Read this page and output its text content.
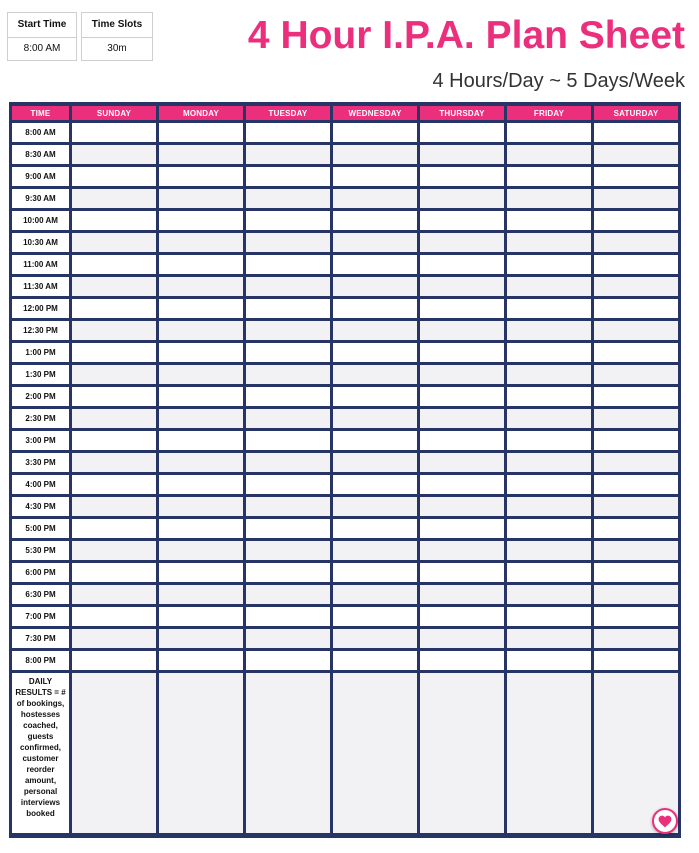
Start Time
8:00 AM
Time Slots
30m	4 Hour I.P.A. Plan Sheet

4 Hours/Day ~ 5 Days/Week

TIME	SUNDAY	MONDAY	TUESDAY	WEDNESDAY	THURSDAY	FRIDAY	SATURDAY
8:00 AM
8:30 AM
9:00 AM
9:30 AM
10:00 AM
10:30 AM
11:00 AM
11:30 AM
12:00 PM
12:30 PM
1:00 PM
1:30 PM
2:00 PM
2:30 PM
3:00 PM
3:30 PM
4:00 PM
4:30 PM
5:00 PM
5:30 PM
6:00 PM
6:30 PM
7:00 PM
7:30 PM
8:00 PM
DAILY RESULTS = # of bookings, hostesses coached, guests confirmed, customer reorder amount, personal interviews booked
